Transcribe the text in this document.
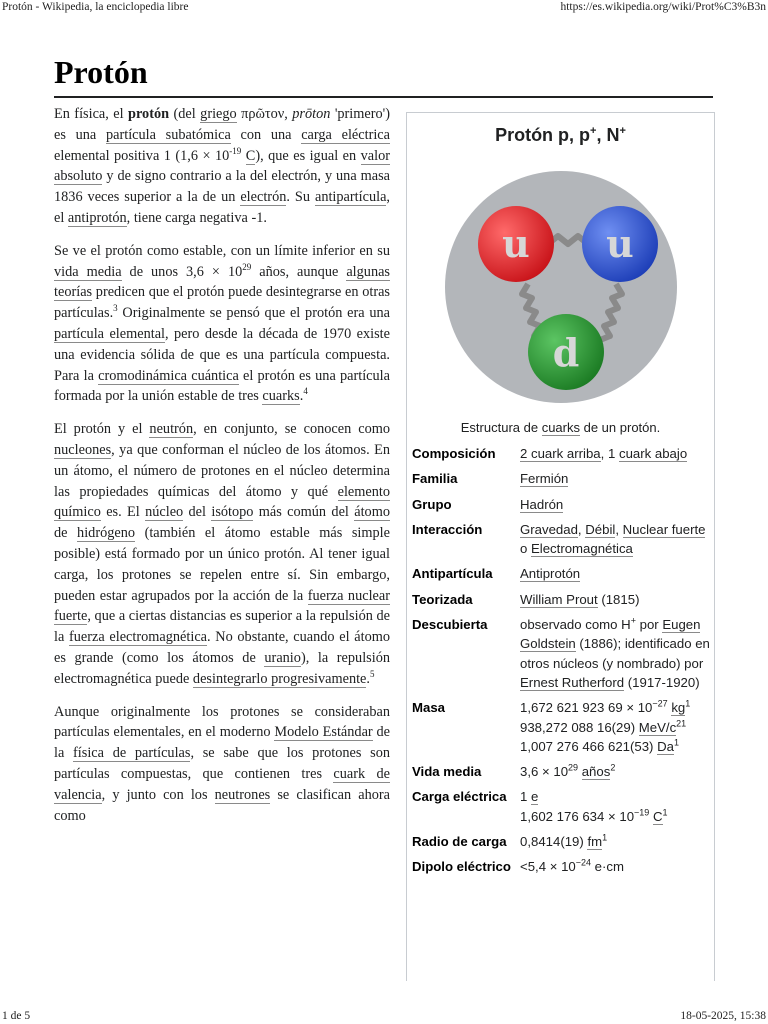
Protón - Wikipedia, la enciclopedia libre	https://es.wikipedia.org/wiki/Prot%C3%B3n
Protón

En física, el protón (del griego πρῶτον, prōton 'primero') es una partícula subatómica con una carga eléctrica elemental positiva 1 ($1,6 \times 10^{-19}$ C), que es igual en valor absoluto y de signo contrario a la del electrón, y una masa 1836 veces superior a la de un electrón. Su antipartícula, el antiprotón, tiene carga negativa -1.

Se ve el protón como estable, con un límite inferior en su vida media de unos $3,6 \times 10^{29}$ años, aunque algunas teorías predicen que el protón puede desintegrarse en otras partículas.$^3$ Originalmente se pensó que el protón era una partícula elemental, pero desde la década de 1970 existe una evidencia sólida de que es una partícula compuesta. Para la cromodinámica cuántica el protón es una partícula formada por la unión estable de tres cuarks.$^4$

El protón y el neutrón, en conjunto, se conocen como nucleones, ya que conforman el núcleo de los átomos. En un átomo, el número de protones en el núcleo determina las propiedades químicas del átomo y qué elemento químico es. El núcleo del isótopo más común del átomo de hidrógeno (también el átomo estable más simple posible) está formado por un único protón. Al tener igual carga, los protones se repelen entre sí. Sin embargo, pueden estar agrupados por la acción de la fuerza nuclear fuerte, que a ciertas distancias es superior a la repulsión de la fuerza electromagnética. No obstante, cuando el átomo es grande (como los átomos de uranio), la repulsión electromagnética puede desintegrarlo progresivamente.$^5$

Aunque originalmente los protones se consideraban partículas elementales, en el moderno Modelo Estándar de la física de partículas, se sabe que los protones son partículas compuestas, que contienen tres cuark de valencia, y junto con los neutrones se clasifican ahora como

Protón p, p+, N+
u u
d
Estructura de cuarks de un protón.
Composición	2 cuark arriba, 1 cuark abajo
Familia	Fermión
Grupo	Hadrón
Interacción	Gravedad, Débil, Nuclear fuerte o Electromagnética
Antipartícula	Antiprotón
Teorizada	William Prout (1815)
Descubierta	observado como H+ por Eugen Goldstein (1886); identificado en otros núcleos (y nombrado) por Ernest Rutherford (1917-1920)
Masa	1,672 621 923 $69 \times 10^{-27}$ $kg^1$
938,272 088 16(29) MeV/$c^{21}$
1,007 276 466 621(53) Da$^1$
Vida media	$3,6 \times 10^{29}$ años$^2$
Carga eléctrica	1 e
1,602 176 $634 \times 10^{-19}$ $C^1$
Radio de carga	0,8414(19) $fm^1$
Dipolo eléctrico	$<5,4 \times 10^{-24}$ e·cm
1 de 5	18-05-2025, 15:38
